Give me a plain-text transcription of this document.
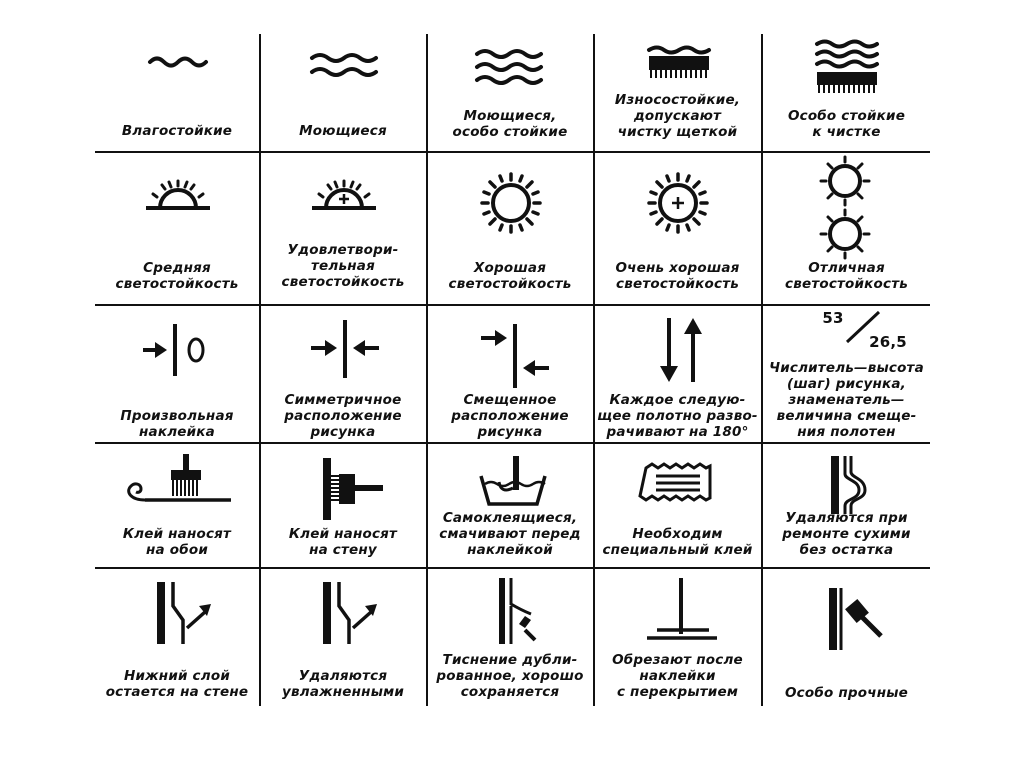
Влагостойкие	Моющиеся
Моющиеся,
особо стойкие
Износостойкие,
допускают
чистку щеткой
Особо стойкие
к чистке
Средняя
светостойкость
Удовлетвори-
тельная
светостойкость
Хорошая
светостойкость
Очень хорошая
светостойкость
Отличная
светостойкость
53
26,5
Произвольная
наклейка
Симметричное
расположение
рисунка
Смещенное
расположение
рисунка
Каждое следую-
щее полотно разво-
рачивают на 180°
Числитель—высота
(шаг) рисунка,
знаменатель—
величина смеще-
ния полотен
Клей наносят
на обои
Клей наносят
на стену
Самоклеящиеся,
смачивают перед
наклейкой
Необходим
специальный клей
Удаляются при
ремонте сухими
без остатка
Нижний слой
остается на стене
Удаляются
увлажненными
Тиснение дубли-
рованное, хорошо
сохраняется
Обрезают после
наклейки
с перекрытием	Особо прочные
